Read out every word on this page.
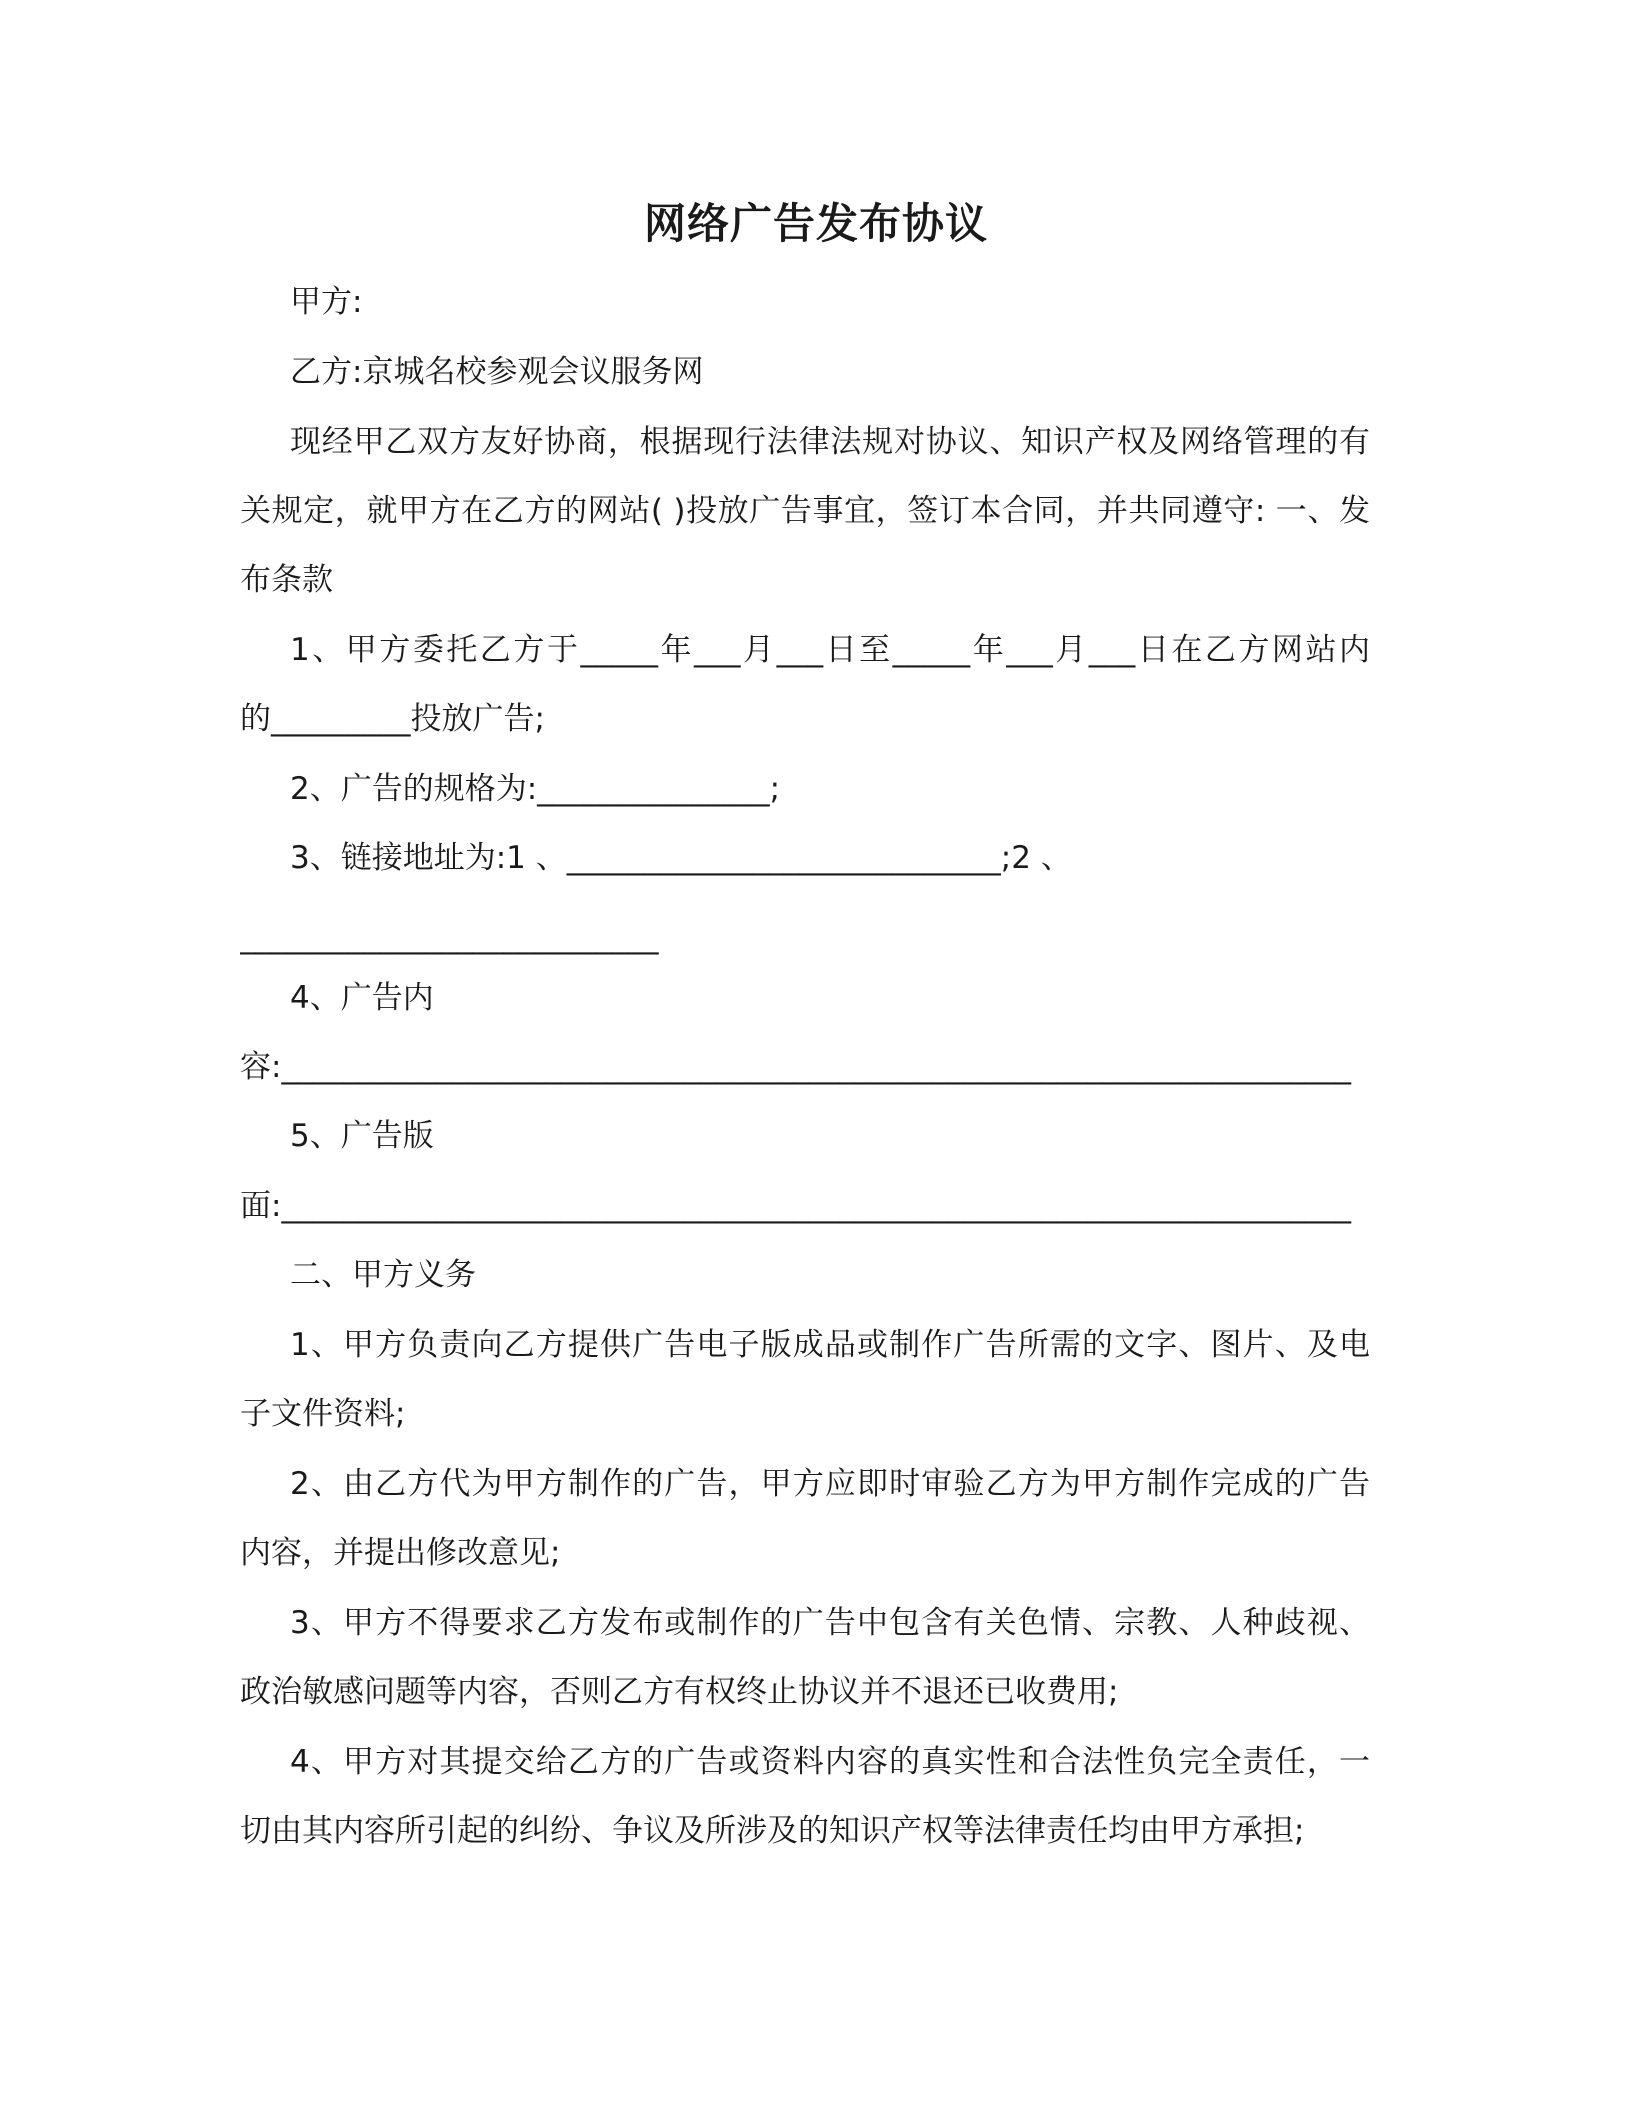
网络广告发布协议
甲方:
乙方:京城名校参观会议服务网
现经甲乙双方友好协商，根据现行法律法规对协议、知识产权及网络管理的有
关规定，就甲方在乙方的网站( )投放广告事宜，签订本合同，并共同遵守: 一、发
布条款
1、甲方委托乙方于_____年___月___日至_____年___月___日在乙方网站内
的_________投放广告;
2、广告的规格为:_______________;
3、链接地址为:1 、____________________________;2 、
___________________________
4、广告内
容:_____________________________________________________________________
5、广告版
面:_____________________________________________________________________
二、甲方义务
1、甲方负责向乙方提供广告电子版成品或制作广告所需的文字、图片、及电
子文件资料;
2、由乙方代为甲方制作的广告，甲方应即时审验乙方为甲方制作完成的广告
内容，并提出修改意见;
3、甲方不得要求乙方发布或制作的广告中包含有关色情、宗教、人种歧视、
政治敏感问题等内容，否则乙方有权终止协议并不退还已收费用;
4、甲方对其提交给乙方的广告或资料内容的真实性和合法性负完全责任，一
切由其内容所引起的纠纷、争议及所涉及的知识产权等法律责任均由甲方承担;
